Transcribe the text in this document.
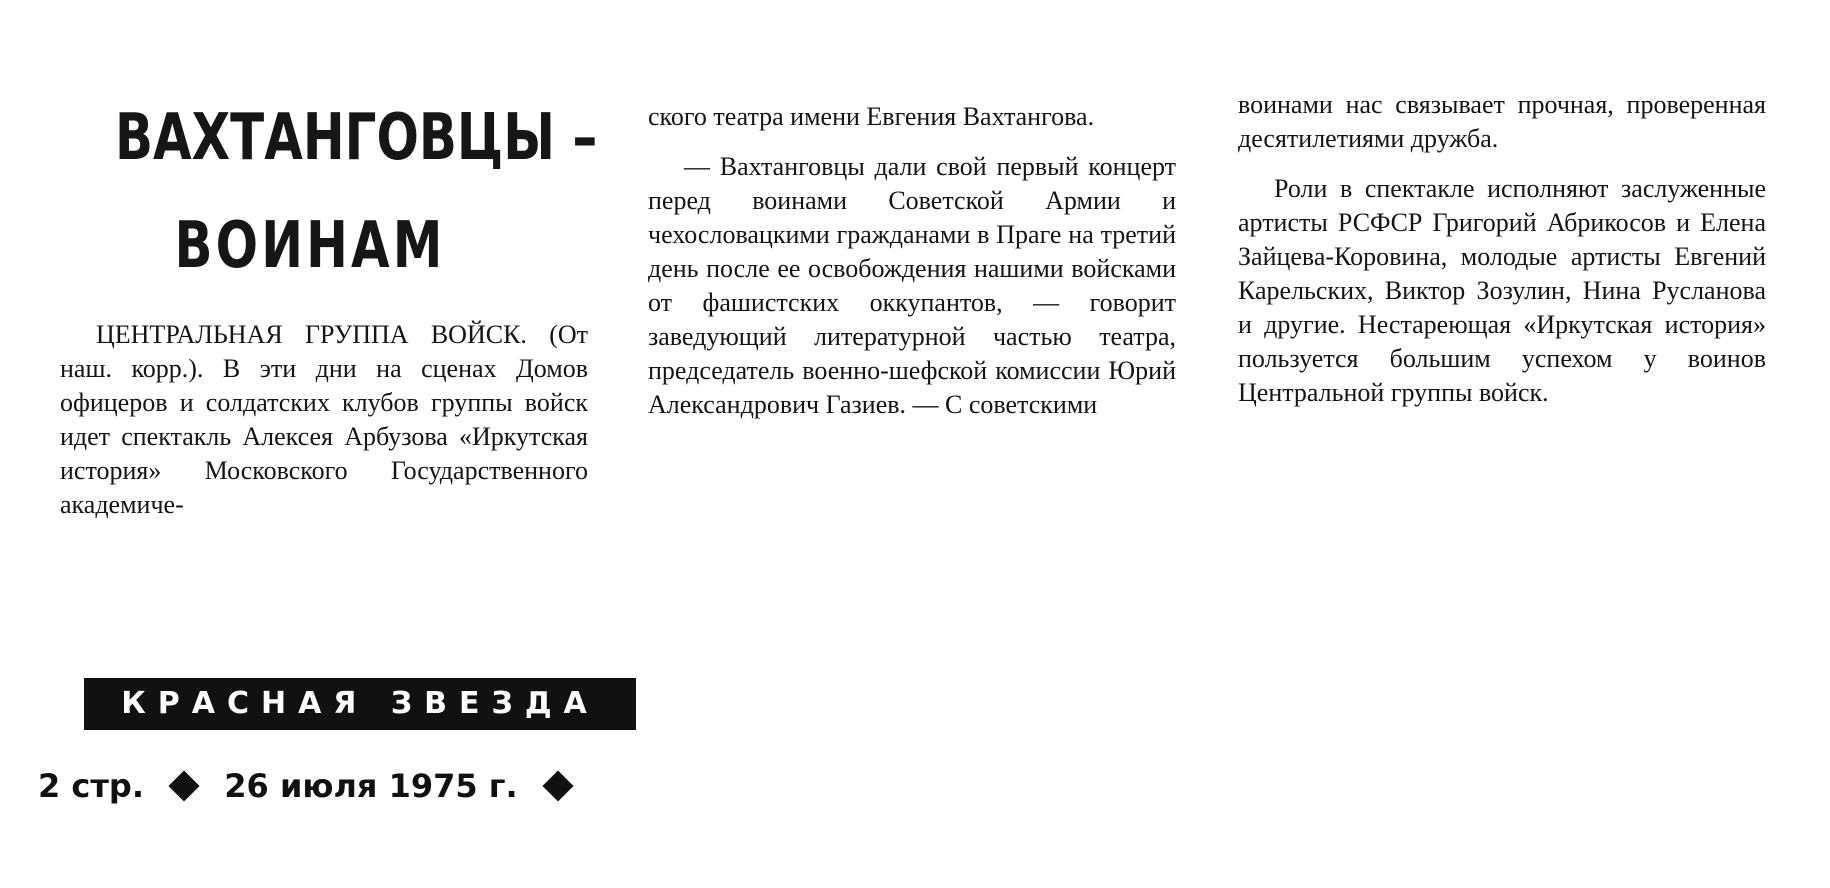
ВАХТАНГОВЦЫ –
ВОИНАМ

ЦЕНТРАЛЬНАЯ ГРУППА ВОЙСК. (От наш. корр.). В эти дни на сценах Домов офицеров и солдатских клубов группы войск идет спектакль Алексея Арбузова «Иркутская история» Московского Государственного академиче-

ского театра имени Евгения Вахтангова.

— Вахтанговцы дали свой первый концерт перед воинами Советской Армии и чехословацкими гражданами в Праге на третий день после ее освобождения нашими войсками от фашистских оккупантов, — говорит заведующий литературной частью театра, председатель военно-шефской комиссии Юрий Александрович Газиев. — С советскими

воинами нас связывает прочная, проверенная десятилетиями дружба.

Роли в спектакле исполняют заслуженные артисты РСФСР Григорий Абрикосов и Елена Зайцева-Коровина, молодые артисты Евгений Карельских, Виктор Зозулин, Нина Русланова и другие. Нестареющая «Иркутская история» пользуется большим успехом у воинов Центральной группы войск.

КРАСНАЯ ЗВЕЗДА
2 стр.	26 июля 1975 г.
